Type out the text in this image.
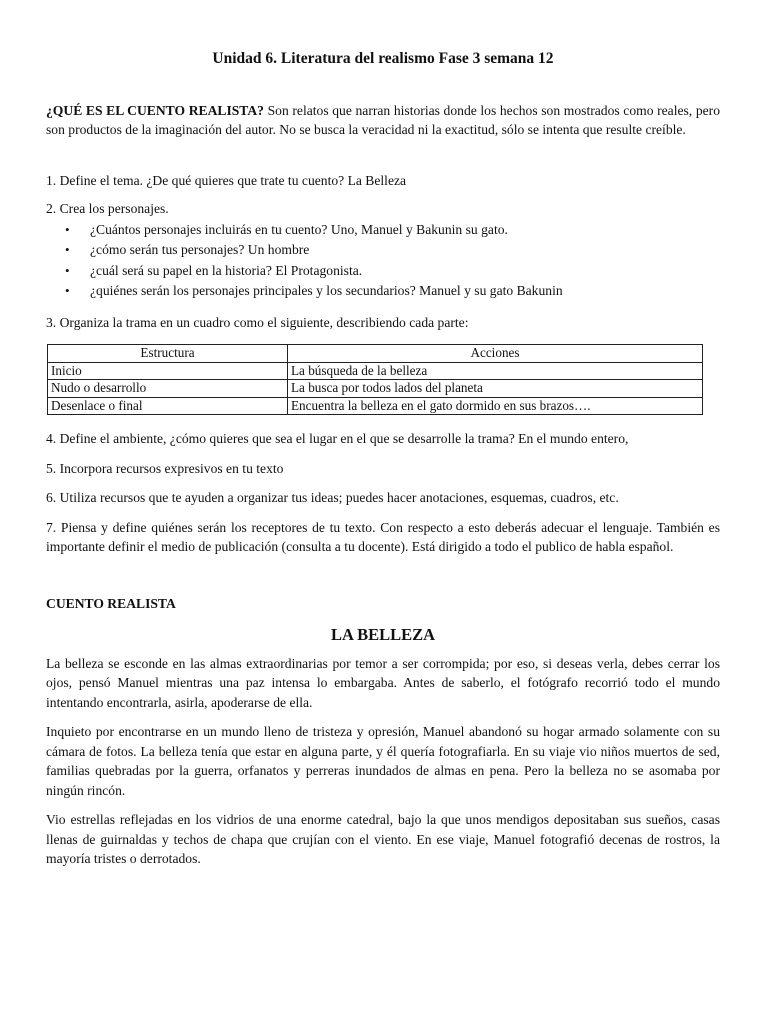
Unidad 6. Literatura del realismo Fase 3 semana 12

¿QUÉ ES EL CUENTO REALISTA? Son relatos que narran historias donde los hechos son mostrados como reales, pero son productos de la imaginación del autor. No se busca la veracidad ni la exactitud, sólo se intenta que resulte creíble.

1. Define el tema. ¿De qué quieres que trate tu cuento? La Belleza

2. Crea los personajes.

• ¿Cuántos personajes incluirás en tu cuento? Uno, Manuel y Bakunin su gato.
• ¿cómo serán tus personajes? Un hombre
• ¿cuál será su papel en la historia? El Protagonista.
• ¿quiénes serán los personajes principales y los secundarios? Manuel y su gato Bakunin

3. Organiza la trama en un cuadro como el siguiente, describiendo cada parte:

Estructura	Acciones
Inicio	La búsqueda de la belleza
Nudo o desarrollo	La busca por todos lados del planeta
Desenlace o final	Encuentra la belleza en el gato dormido en sus brazos….

4. Define el ambiente, ¿cómo quieres que sea el lugar en el que se desarrolle la trama? En el mundo entero,

5. Incorpora recursos expresivos en tu texto

6. Utiliza recursos que te ayuden a organizar tus ideas; puedes hacer anotaciones, esquemas, cuadros, etc.

7. Piensa y define quiénes serán los receptores de tu texto. Con respecto a esto deberás adecuar el lenguaje. También es importante definir el medio de publicación (consulta a tu docente). Está dirigido a todo el publico de habla español.

CUENTO REALISTA

LA BELLEZA

La belleza se esconde en las almas extraordinarias por temor a ser corrompida; por eso, si deseas verla, debes cerrar los ojos, pensó Manuel mientras una paz intensa lo embargaba. Antes de saberlo, el fotógrafo recorrió todo el mundo intentando encontrarla, asirla, apoderarse de ella.

Inquieto por encontrarse en un mundo lleno de tristeza y opresión, Manuel abandonó su hogar armado solamente con su cámara de fotos. La belleza tenía que estar en alguna parte, y él quería fotografiarla. En su viaje vio niños muertos de sed, familias quebradas por la guerra, orfanatos y perreras inundados de almas en pena. Pero la belleza no se asomaba por ningún rincón.

Vio estrellas reflejadas en los vidrios de una enorme catedral, bajo la que unos mendigos depositaban sus sueños, casas llenas de guirnaldas y techos de chapa que crujían con el viento. En ese viaje, Manuel fotografió decenas de rostros, la mayoría tristes o derrotados.
